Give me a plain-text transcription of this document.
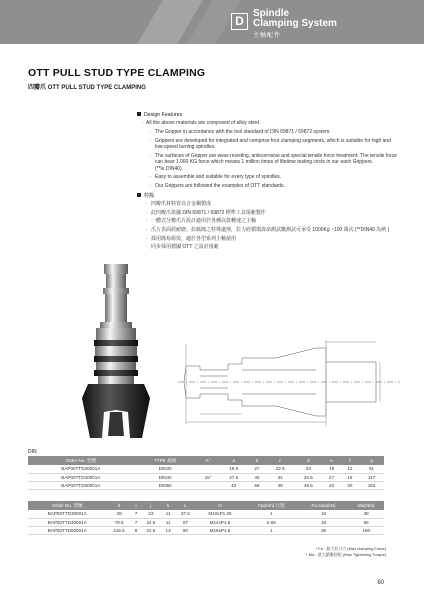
D
Spindle
Clamping System
主軸配件
OTT PULL STUD TYPE CLAMPING
四瓣爪 OTT PULL STUD TYPE CLAMPING
Design Features
· All the above materials are composed of alloy steel.
· The Gripper in accordance with the tool standard of DIN 69871 / 69872 system.
· Grippers are developed for integrated and comprise four clamping segments, which is suitable for high and low-speed turning spindles.
· The surfaces of Gripper are wear-resisting, anticorrosive and special tensile force treatment. The tensile force can bear 1,000 KG force which means 1 million times of lifetime testing circle in our each Grippers. (**ie.DIN40)
· Easy to assemble and suitable for every type of spindles.
· Our Grippers are followed the examples of OTT standards.
特點
· 四瓣爪材料皆以合金鋼製成
· 此四瓣爪依據 DIN 69871 / 69872 標準工具規範製作
· 一體式分瓣爪片設計適用於各種高低轉速之主軸
· 爪片表面經耐磨、抗腐蝕之特殊處理，拉力經循環壽命測試概測試可承受 1000Kg ~100 萬次 (**DIN40 為例 )
· 採用簡易組裝，適於各型系列主軸使用
· 同步採用德國 OTT 之設計規範
DIN
Order No. 型號	TYPE 規格	A°	a	b	c	d	e	f	g
BAP00TTD30001A	DIN30		19.5	27	22.5	23	19	12	91
BAP00TTD40001A	DIN40	15°	27.6	40	34	34.5	27	18	117
BAP00TTD50001A	DIN50		43	56	49	49.5	40	20	163
Order No. 型號	h	i	j	k	L	m	Fp(mm) 行程	Fa max(kN)	Ma(Nm)
BAP00TTD30001A	39	7	23	11	37.5	M10xP1.25	1	10	38
BAP00TTD40001A	79.5	7	24.5	11	67	M14xP1.5	0.65	18	65
BAP00TTD50001A	116.5	8	31.5	13	80	M16xP1.5	1	35	160
* Fa : 最大拉刀力 (Max clamping Force)
* MA : 最大鎖緊扭矩 (Max Tightening Torque)
60
